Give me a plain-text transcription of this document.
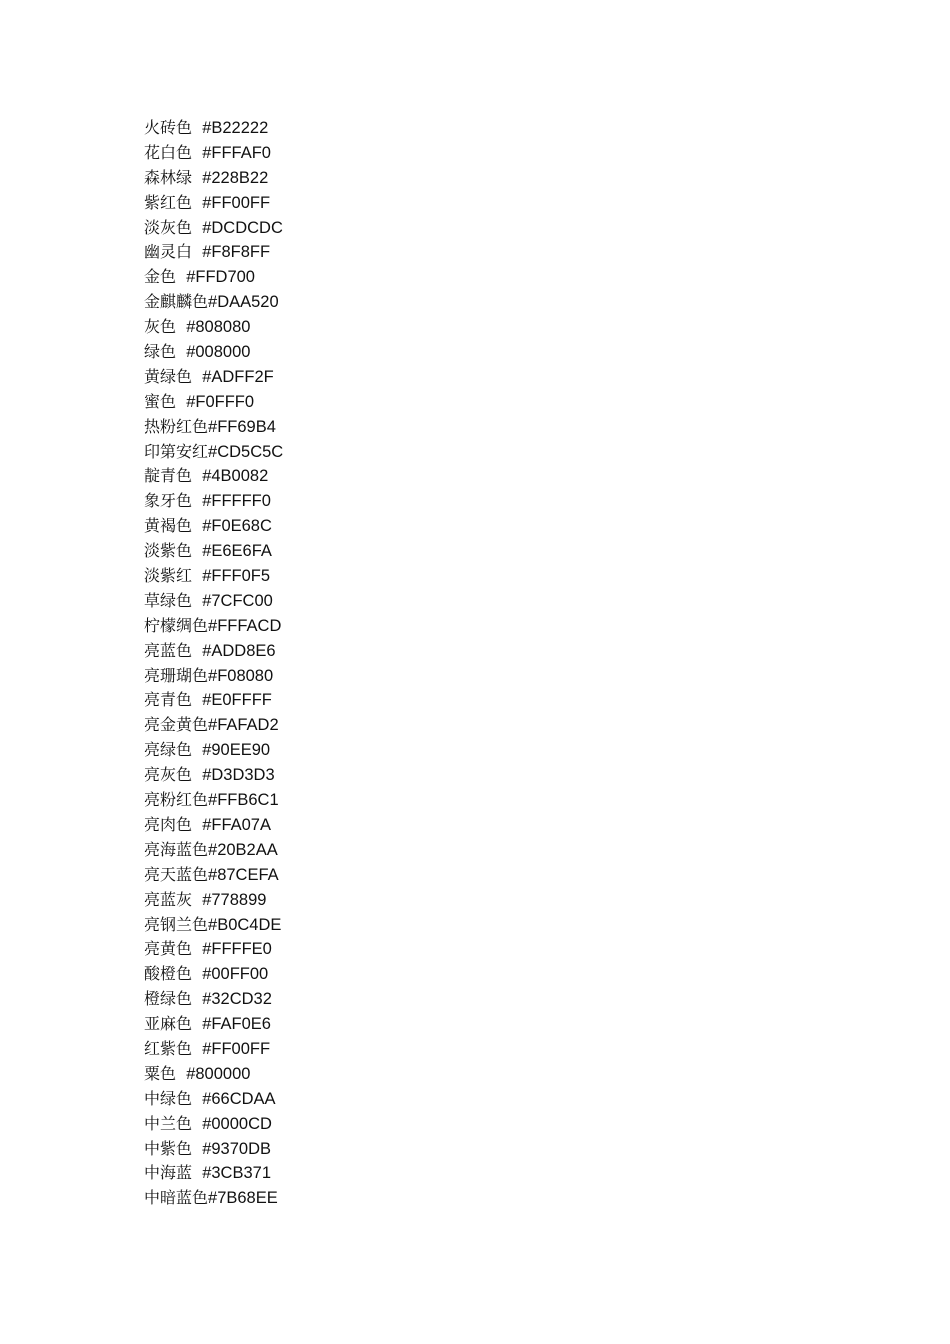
火砖色 #B22222
花白色 #FFFAF0
森林绿 #228B22
紫红色 #FF00FF
淡灰色 #DCDCDC
幽灵白 #F8F8FF
金色 #FFD700
金麒麟色#DAA520
灰色 #808080
绿色 #008000
黄绿色 #ADFF2F
蜜色 #F0FFF0
热粉红色#FF69B4
印第安红#CD5C5C
靛青色 #4B0082
象牙色 #FFFFF0
黄褐色 #F0E68C
淡紫色 #E6E6FA
淡紫红 #FFF0F5
草绿色 #7CFC00
柠檬绸色#FFFACD
亮蓝色 #ADD8E6
亮珊瑚色#F08080
亮青色 #E0FFFF
亮金黄色#FAFAD2
亮绿色 #90EE90
亮灰色 #D3D3D3
亮粉红色#FFB6C1
亮肉色 #FFA07A
亮海蓝色#20B2AA
亮天蓝色#87CEFA
亮蓝灰 #778899
亮钢兰色#B0C4DE
亮黄色 #FFFFE0
酸橙色 #00FF00
橙绿色 #32CD32
亚麻色 #FAF0E6
红紫色 #FF00FF
粟色 #800000
中绿色 #66CDAA
中兰色 #0000CD
中紫色 #9370DB
中海蓝 #3CB371
中暗蓝色#7B68EE
